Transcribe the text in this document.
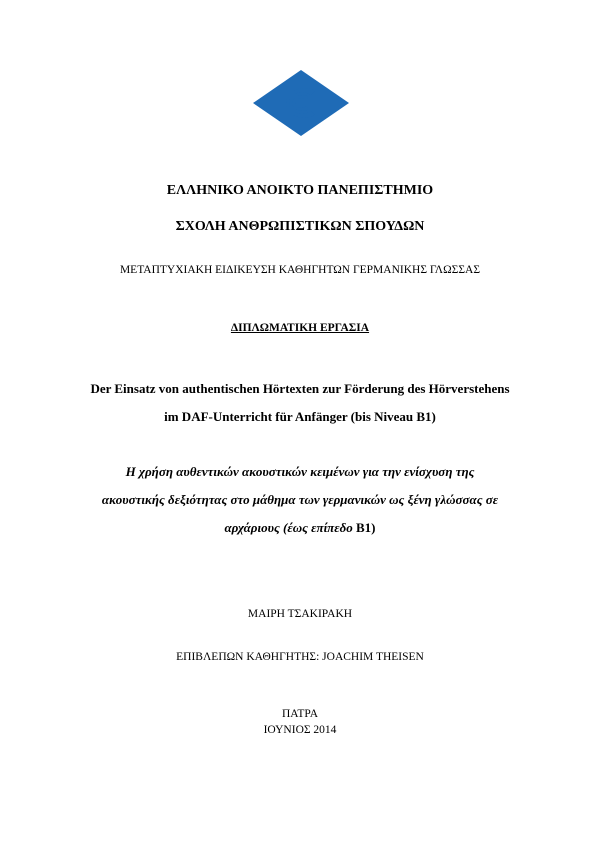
ΕΛΛΗΝΙΚΟ ΑΝΟΙΚΤΟ ΠΑΝΕΠΙΣΤΗΜΙΟ
ΣΧΟΛΗ ΑΝΘΡΩΠΙΣΤΙΚΩΝ ΣΠΟΥΔΩΝ
ΜΕΤΑΠΤΥΧΙΑΚΗ ΕΙΔΙΚΕΥΣΗ ΚΑΘΗΓΗΤΩΝ ΓΕΡΜΑΝΙΚΗΣ ΓΛΩΣΣΑΣ
ΔΙΠΛΩΜΑΤΙΚΗ ΕΡΓΑΣΙΑ
Der Einsatz von authentischen Hörtexten zur Förderung des Hörverstehens
im DAF-Unterricht für Anfänger (bis Niveau B1)
Η χρήση αυθεντικών ακουστικών κειμένων για την ενίσχυση της
ακουστικής δεξιότητας στο μάθημα των γερμανικών ως ξένη γλώσσας σε
αρχάριους (έως επίπεδο B1)
ΜΑΙΡΗ ΤΣΑΚΙΡΑΚΗ
ΕΠΙΒΛΕΠΩΝ ΚΑΘΗΓΗΤΗΣ: JOACHIM THEISEN
ΠΑΤΡΑ
ΙΟΥΝΙΟΣ 2014
